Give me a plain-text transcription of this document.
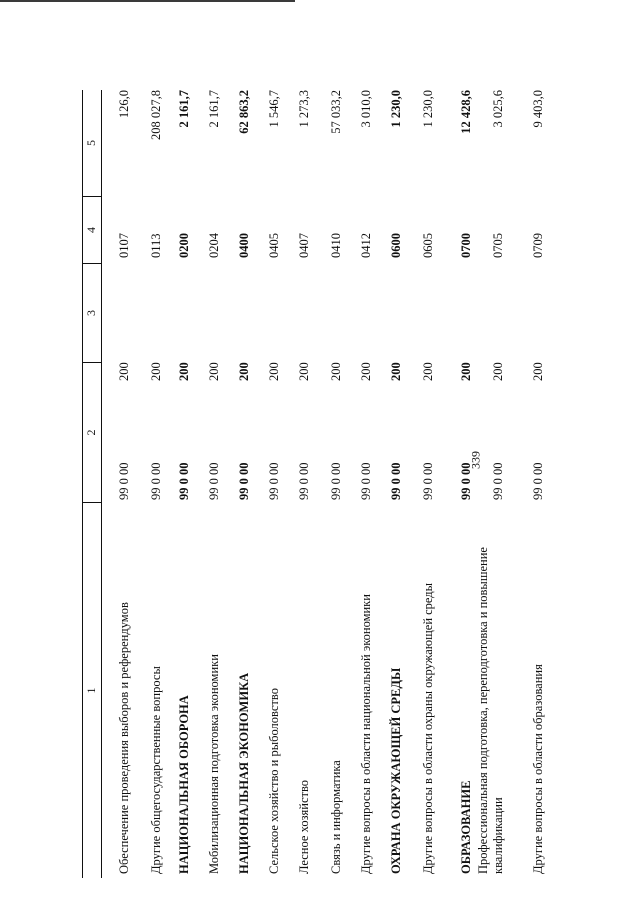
339
1
2
3
4
5
Обеспечение проведения выборов и референдумов
99 0 00
200
0107
126,0
Другие общегосударственные вопросы
99 0 00
200
0113
208 027,8
НАЦИОНАЛЬНАЯ ОБОРОНА
99 0 00
200
0200
2 161,7
Мобилизационная подготовка экономики
99 0 00
200
0204
2 161,7
НАЦИОНАЛЬНАЯ ЭКОНОМИКА
99 0 00
200
0400
62 863,2
Сельское хозяйство и рыболовство
99 0 00
200
0405
1 546,7
Лесное хозяйство
99 0 00
200
0407
1 273,3
Связь и информатика
99 0 00
200
0410
57 033,2
Другие вопросы в области национальной экономики
99 0 00
200
0412
3 010,0
ОХРАНА ОКРУЖАЮЩЕЙ СРЕДЫ
99 0 00
200
0600
1 230,0
Другие вопросы в области охраны окружающей среды
99 0 00
200
0605
1 230,0
ОБРАЗОВАНИЕ
99 0 00
200
0700
12 428,6
Профессиональная подготовка, переподготовка и повышение квалификации
99 0 00
200
0705
3 025,6
Другие вопросы в области образования
99 0 00
200
0709
9 403,0
